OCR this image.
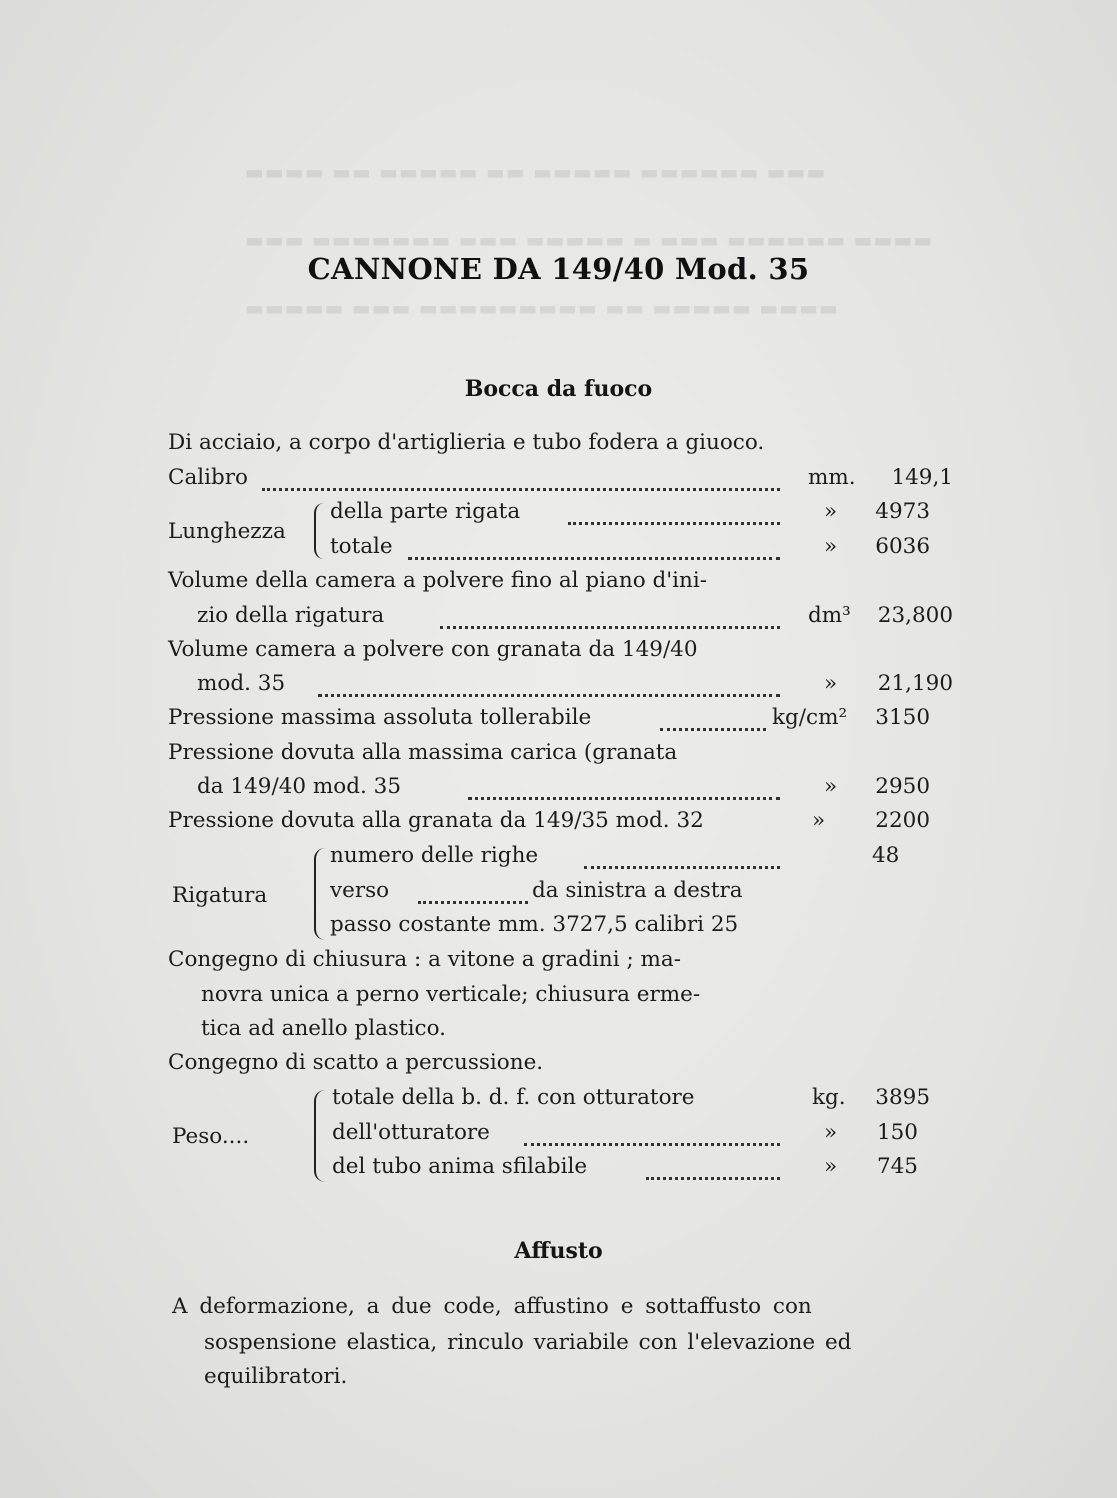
▬▬▬▬ ▬▬ ▬▬▬▬▬ ▬▬ ▬▬▬▬▬ ▬▬▬▬▬▬ ▬▬▬
▬▬▬ ▬▬▬▬▬▬▬ ▬▬▬ ▬▬▬▬▬ ▬ ▬▬▬ ▬▬▬▬▬▬ ▬▬▬▬
▬▬▬▬▬ ▬▬▬ ▬▬▬▬▬▬▬▬▬ ▬▬ ▬▬▬▬▬ ▬▬▬▬
CANNONE DA 149/40 Mod. 35
Bocca da fuoco
Di acciaio, a corpo d'artiglieria e tubo fodera a giuoco.
Calibro	mm.	149,1
Lunghezza
della parte rigata	» 4973
totale	» 6036
Volume della camera a polvere fino al piano d'ini-
zio della rigatura	dm³	23,800
Volume camera a polvere con granata da 149/40
mod. 35	»	21,190
Pressione massima assoluta tollerabile	kg/cm² 3150
Pressione dovuta alla massima carica (granata
da 149/40 mod. 35	» 2950
Pressione dovuta alla granata da 149/35 mod. 32	» 2200
Rigatura
numero delle righe	48
verso	da sinistra a destra
passo costante mm. 3727,5 calibri 25
Congegno di chiusura : a vitone a gradini ; ma-
novra unica a perno verticale; chiusura erme-
tica ad anello plastico.
Congegno di scatto a percussione.
Peso....
totale della b. d. f. con otturatore	kg. 3895
dell'otturatore	»	150
del tubo anima sfilabile	»	745
Affusto
A deformazione, a due code, affustino e sottaffusto con
sospensione elastica, rinculo variabile con l'elevazione ed
equilibratori.
